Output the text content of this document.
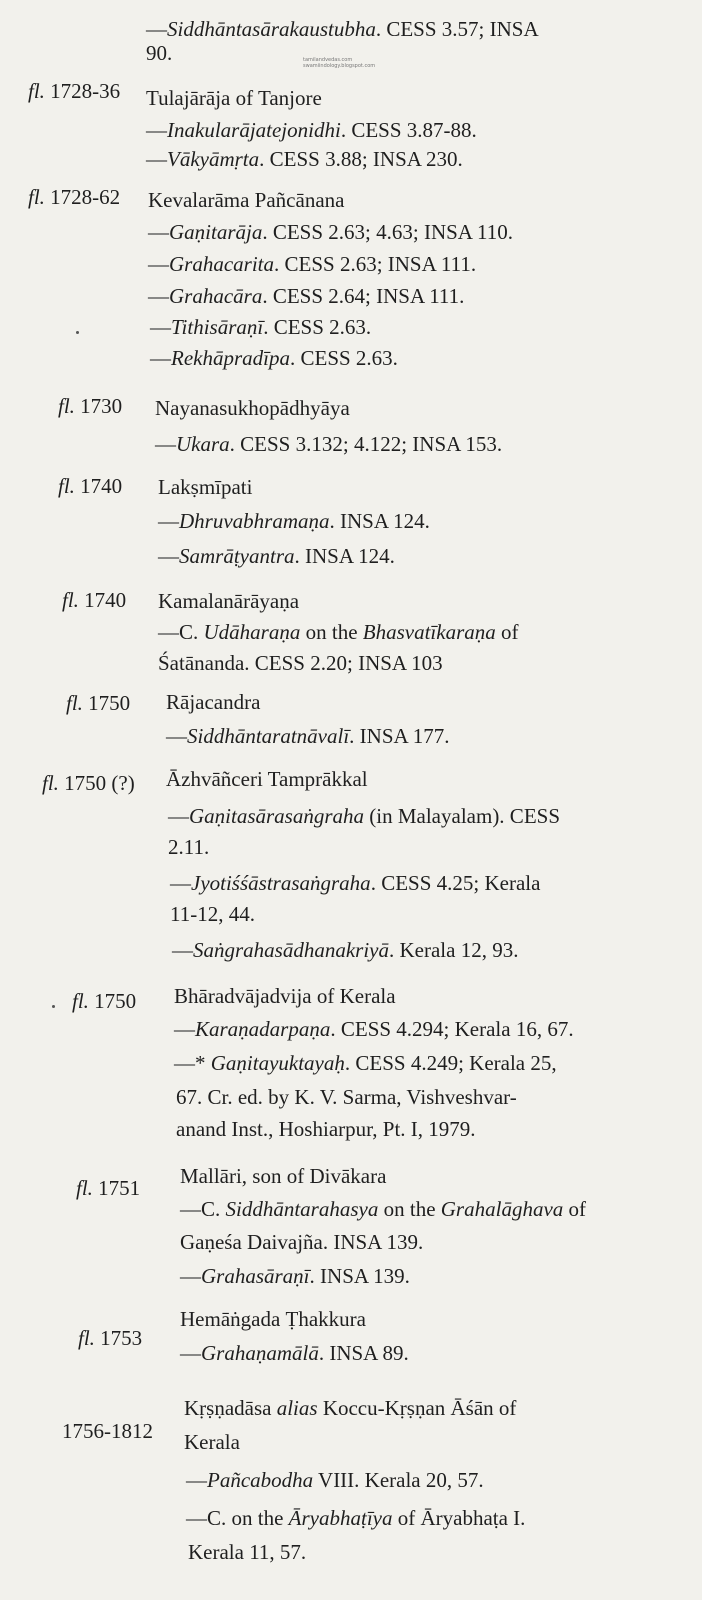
tamilandvedas.com
swamiindology.blogspot.com
—Siddhāntasārakaustubha. CESS 3.57; INSA
90.
fl. 1728-36 Tulajārāja of Tanjore
—Inakularājatejonidhi. CESS 3.87-88.
—Vākyāmṛta. CESS 3.88; INSA 230.
fl. 1728-62 Kevalarāma Pañcānana
—Gaṇitarāja. CESS 2.63; 4.63; INSA 110.
—Grahacarita. CESS 2.63; INSA 111.
—Grahacāra. CESS 2.64; INSA 111.
—Tithisāraṇī. CESS 2.63.
—Rekhāpradīpa. CESS 2.63.
fl. 1730 Nayanasukhopādhyāya
—Ukara. CESS 3.132; 4.122; INSA 153.
fl. 1740 Lakṣmīpati
—Dhruvabhramaṇa. INSA 124.
—Samrāṭyantra. INSA 124.
fl. 1740 Kamalanārāyaṇa
—C. Udāharaṇa on the Bhasvatīkaraṇa of
Śatānanda. CESS 2.20; INSA 103
fl. 1750 Rājacandra
—Siddhāntaratnāvalī. INSA 177.
fl. 1750 (?) Āzhvāñceri Tamprākkal
—Gaṇitasārasaṅgraha (in Malayalam). CESS
2.11.
—Jyotiśśāstrasaṅgraha. CESS 4.25; Kerala
11-12, 44.
—Saṅgrahasādhanakriyā. Kerala 12, 93.
fl. 1750 Bhāradvājadvija of Kerala
—Karaṇadarpaṇa. CESS 4.294; Kerala 16, 67.
—* Gaṇitayuktayaḥ. CESS 4.249; Kerala 25,
67. Cr. ed. by K. V. Sarma, Vishveshvar-
anand Inst., Hoshiarpur, Pt. I, 1979.
fl. 1751 Mallāri, son of Divākara
—C. Siddhāntarahasya on the Grahalāghava of
Gaṇeśa Daivajña. INSA 139.
—Grahasāraṇī. INSA 139.
fl. 1753
Hemāṅgada Ṭhakkura
—Grahaṇamālā. INSA 89.
1756-1812
Kṛṣṇadāsa alias Koccu-Kṛṣṇan Āśān of
Kerala
—Pañcabodha VIII. Kerala 20, 57.
—C. on the Āryabhaṭīya of Āryabhaṭa I.
Kerala 11, 57.
